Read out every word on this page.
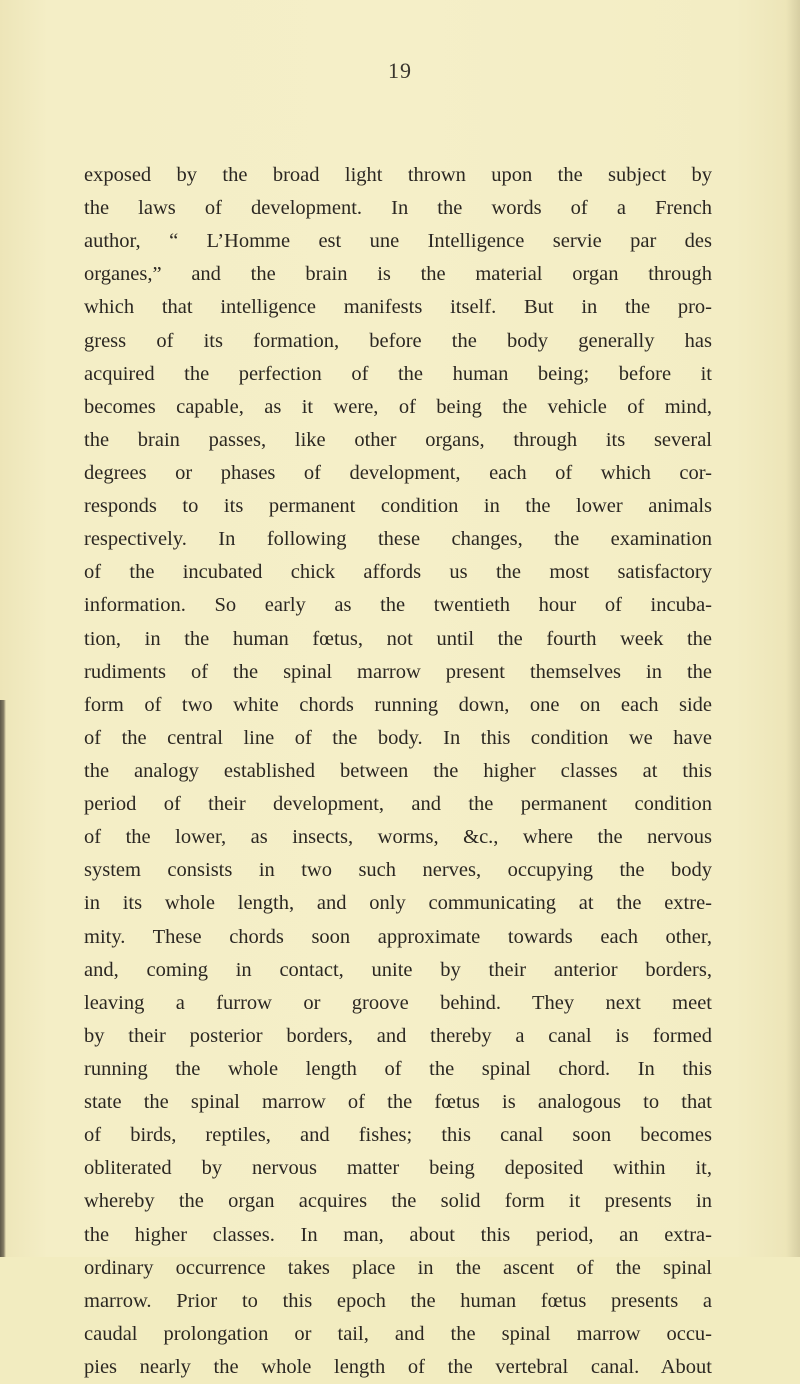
19
exposed by the broad light thrown upon the subject by
the laws of development. In the words of a French
author, “ L’Homme est une Intelligence servie par des
organes,” and the brain is the material organ through
which that intelligence manifests itself. But in the pro-
gress of its formation, before the body generally has
acquired the perfection of the human being; before it
becomes capable, as it were, of being the vehicle of mind,
the brain passes, like other organs, through its several
degrees or phases of development, each of which cor-
responds to its permanent condition in the lower animals
respectively. In following these changes, the examination
of the incubated chick affords us the most satisfactory
information. So early as the twentieth hour of incuba-
tion, in the human fœtus, not until the fourth week the
rudiments of the spinal marrow present themselves in the
form of two white chords running down, one on each side
of the central line of the body. In this condition we have
the analogy established between the higher classes at this
period of their development, and the permanent condition
of the lower, as insects, worms, &c., where the nervous
system consists in two such nerves, occupying the body
in its whole length, and only communicating at the extre-
mity. These chords soon approximate towards each other,
and, coming in contact, unite by their anterior borders,
leaving a furrow or groove behind. They next meet
by their posterior borders, and thereby a canal is formed
running the whole length of the spinal chord. In this
state the spinal marrow of the fœtus is analogous to that
of birds, reptiles, and fishes; this canal soon becomes
obliterated by nervous matter being deposited within it,
whereby the organ acquires the solid form it presents in
the higher classes. In man, about this period, an extra-
ordinary occurrence takes place in the ascent of the spinal
marrow. Prior to this epoch the human fœtus presents a
caudal prolongation or tail, and the spinal marrow occu-
pies nearly the whole length of the vertebral canal. About
